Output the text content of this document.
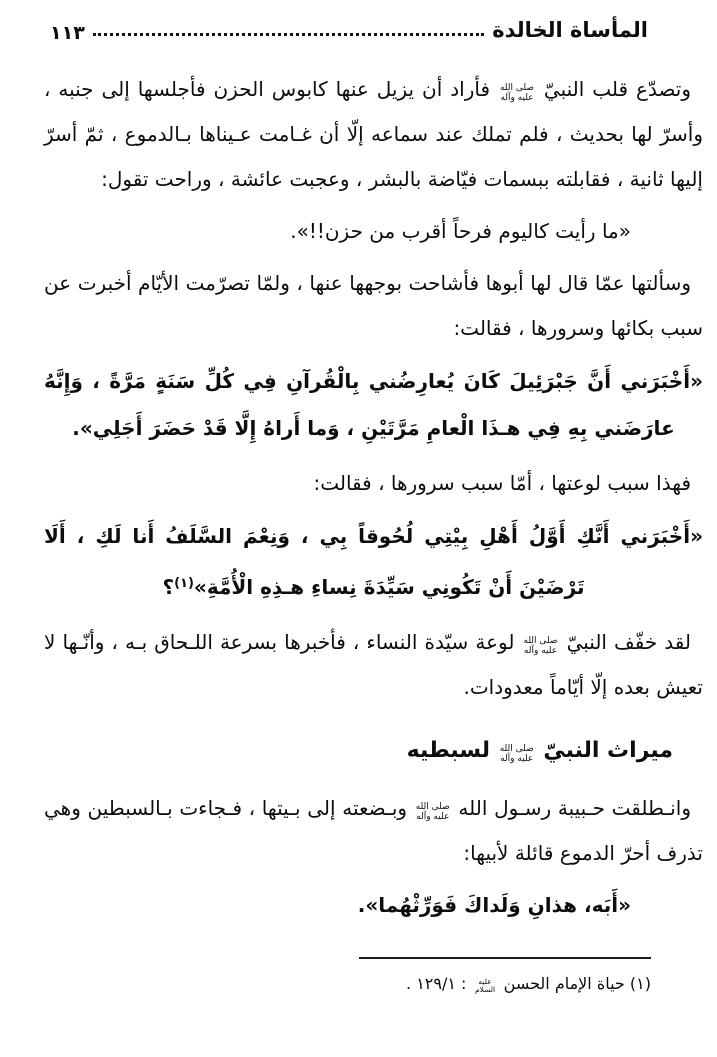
المأساة الخالدة
١١٣

وتصدّع قلب النبيّ صلى الله عليه وآله فأراد أن يزيل عنها كابوس الحزن فأجلسها إلى جنبه ، وأسرّ لها بحديث ، فلم تملك عند سماعه إلّا أن غـامت عـيناها بـالدموع ، ثمّ أسرّ إليها ثانية ، فقابلته ببسمات فيّاضة بالبشر ، وعجبت عائشة ، وراحت تقول:

«ما رأيت كاليوم فرحاً أقرب من حزن!!».

وسألتها عمّا قال لها أبوها فأشاحت بوجهها عنها ، ولمّا تصرّمت الأيّام أخبرت عن سبب بكائها وسرورها ، فقالت:

«أَخْبَرَني أَنَّ جَبْرَئِيلَ كَانَ يُعارِضُني بِالْقُرآنِ فِي كُلِّ سَنَةٍ مَرَّةً ، وَإِنَّهُ عارَضَني بِهِ فِي هـذَا الْعامِ مَرَّتَيْنِ ، وَما أَراهُ إِلَّا قَدْ حَضَرَ أَجَلِي».

فهذا سبب لوعتها ، أمّا سبب سرورها ، فقالت:

«أَخْبَرَني أَنَّكِ أَوَّلُ أَهْلِ بِيْتِي لُحُوقاً بِي ، وَنِعْمَ السَّلَفُ أَنا لَكِ ، أَلَا تَرْضَيْنَ أَنْ تَكُونِي سَيِّدَةَ نِساءِ هـذِهِ الْأُمَّةِ»$^{(١)}$؟

لقد خفّف النبيّ صلى الله عليه وآله لوعة سيّدة النساء ، فأخبرها بسرعة اللـحاق بـه ، وأنّـها لا تعيش بعده إلّا أيّاماً معدودات.

ميراث النبيّ صلى الله عليه وآله لسبطيه

وانـطلقت حـبيبة رسـول الله صلى الله عليه وآله وبـضعته إلى بـيتها ، فـجاءت بـالسبطين وهي تذرف أحرّ الدموع قائلة لأبيها:

«أَبَه، هذانِ وَلَداكَ فَوَرِّثْهُما».

(١) حياة الإمام الحسن عليه السلام : ١٢٩/١ .
